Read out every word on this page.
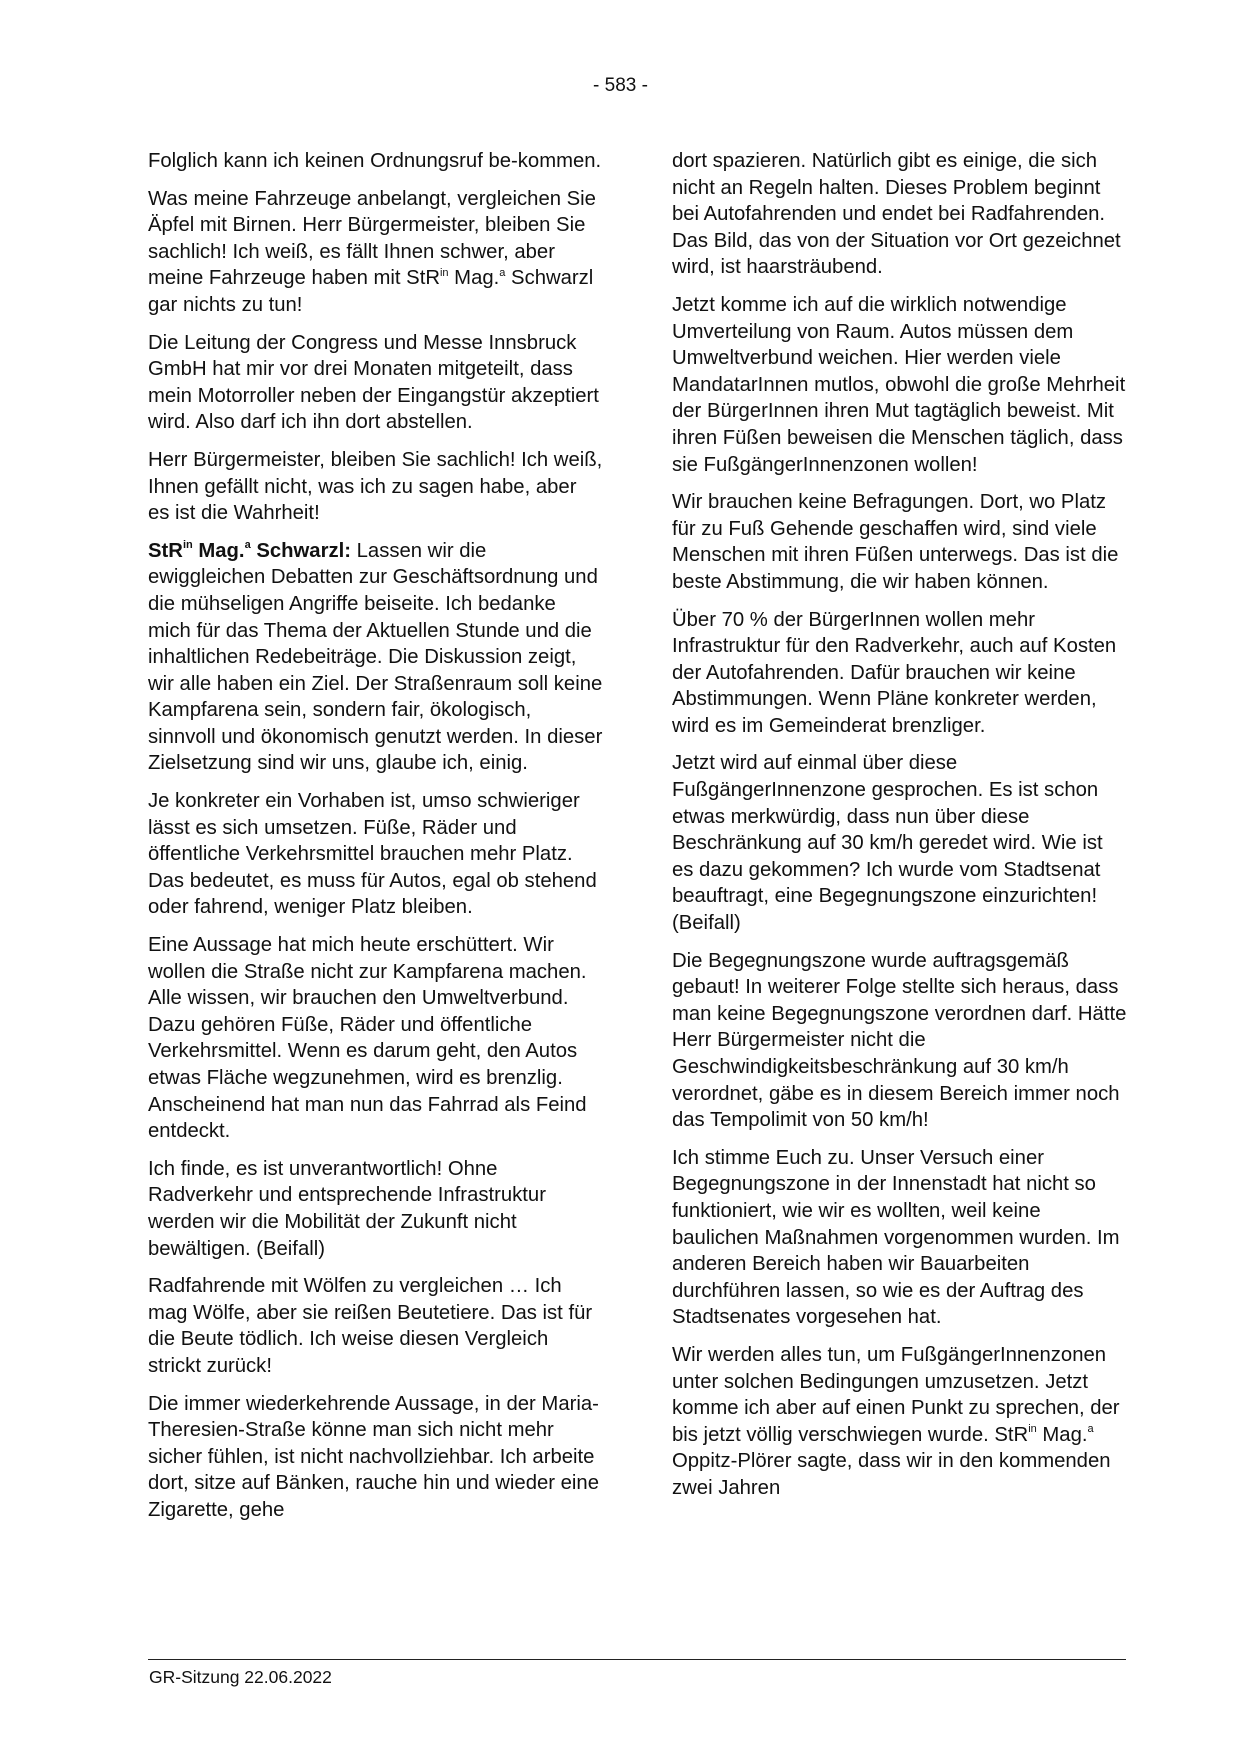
- 583 -

Folglich kann ich keinen Ordnungsruf be-kommen.

Was meine Fahrzeuge anbelangt, vergleichen Sie Äpfel mit Birnen. Herr Bürgermeister, bleiben Sie sachlich! Ich weiß, es fällt Ihnen schwer, aber meine Fahrzeuge haben mit StR$^{in}$ Mag.$^a$ Schwarzl gar nichts zu tun!

Die Leitung der Congress und Messe Innsbruck GmbH hat mir vor drei Monaten mitgeteilt, dass mein Motorroller neben der Eingangstür akzeptiert wird. Also darf ich ihn dort abstellen.

Herr Bürgermeister, bleiben Sie sachlich! Ich weiß, Ihnen gefällt nicht, was ich zu sagen habe, aber es ist die Wahrheit!

StR$^{in}$ Mag.$^a$ Schwarzl: Lassen wir die ewiggleichen Debatten zur Geschäftsordnung und die mühseligen Angriffe beiseite. Ich bedanke mich für das Thema der Aktuellen Stunde und die inhaltlichen Redebeiträge. Die Diskussion zeigt, wir alle haben ein Ziel. Der Straßenraum soll keine Kampfarena sein, sondern fair, ökologisch, sinnvoll und ökonomisch genutzt werden. In dieser Zielsetzung sind wir uns, glaube ich, einig.

Je konkreter ein Vorhaben ist, umso schwieriger lässt es sich umsetzen. Füße, Räder und öffentliche Verkehrsmittel brauchen mehr Platz. Das bedeutet, es muss für Autos, egal ob stehend oder fahrend, weniger Platz bleiben.

Eine Aussage hat mich heute erschüttert. Wir wollen die Straße nicht zur Kampfarena machen. Alle wissen, wir brauchen den Umweltverbund. Dazu gehören Füße, Räder und öffentliche Verkehrsmittel. Wenn es darum geht, den Autos etwas Fläche wegzunehmen, wird es brenzlig. Anscheinend hat man nun das Fahrrad als Feind entdeckt.

Ich finde, es ist unverantwortlich! Ohne Radverkehr und entsprechende Infrastruktur werden wir die Mobilität der Zukunft nicht bewältigen. (Beifall)

Radfahrende mit Wölfen zu vergleichen … Ich mag Wölfe, aber sie reißen Beutetiere. Das ist für die Beute tödlich. Ich weise diesen Vergleich strickt zurück!

Die immer wiederkehrende Aussage, in der Maria-Theresien-Straße könne man sich nicht mehr sicher fühlen, ist nicht nachvollziehbar. Ich arbeite dort, sitze auf Bänken, rauche hin und wieder eine Zigarette, gehe

dort spazieren. Natürlich gibt es einige, die sich nicht an Regeln halten. Dieses Problem beginnt bei Autofahrenden und endet bei Radfahrenden. Das Bild, das von der Situation vor Ort gezeichnet wird, ist haarsträubend.

Jetzt komme ich auf die wirklich notwendige Umverteilung von Raum. Autos müssen dem Umweltverbund weichen. Hier werden viele MandatarInnen mutlos, obwohl die große Mehrheit der BürgerInnen ihren Mut tagtäglich beweist. Mit ihren Füßen beweisen die Menschen täglich, dass sie FußgängerInnenzonen wollen!

Wir brauchen keine Befragungen. Dort, wo Platz für zu Fuß Gehende geschaffen wird, sind viele Menschen mit ihren Füßen unterwegs. Das ist die beste Abstimmung, die wir haben können.

Über 70 % der BürgerInnen wollen mehr Infrastruktur für den Radverkehr, auch auf Kosten der Autofahrenden. Dafür brauchen wir keine Abstimmungen. Wenn Pläne konkreter werden, wird es im Gemeinderat brenzliger.

Jetzt wird auf einmal über diese FußgängerInnenzone gesprochen. Es ist schon etwas merkwürdig, dass nun über diese Beschränkung auf 30 km/h geredet wird. Wie ist es dazu gekommen? Ich wurde vom Stadtsenat beauftragt, eine Begegnungszone einzurichten! (Beifall)

Die Begegnungszone wurde auftragsgemäß gebaut! In weiterer Folge stellte sich heraus, dass man keine Begegnungszone verordnen darf. Hätte Herr Bürgermeister nicht die Geschwindigkeitsbeschränkung auf 30 km/h verordnet, gäbe es in diesem Bereich immer noch das Tempolimit von 50 km/h!

Ich stimme Euch zu. Unser Versuch einer Begegnungszone in der Innenstadt hat nicht so funktioniert, wie wir es wollten, weil keine baulichen Maßnahmen vorgenommen wurden. Im anderen Bereich haben wir Bauarbeiten durchführen lassen, so wie es der Auftrag des Stadtsenates vorgesehen hat.

Wir werden alles tun, um FußgängerInnenzonen unter solchen Bedingungen umzusetzen. Jetzt komme ich aber auf einen Punkt zu sprechen, der bis jetzt völlig verschwiegen wurde. StR$^{in}$ Mag.$^a$ Oppitz-Plörer sagte, dass wir in den kommenden zwei Jahren

GR-Sitzung 22.06.2022
